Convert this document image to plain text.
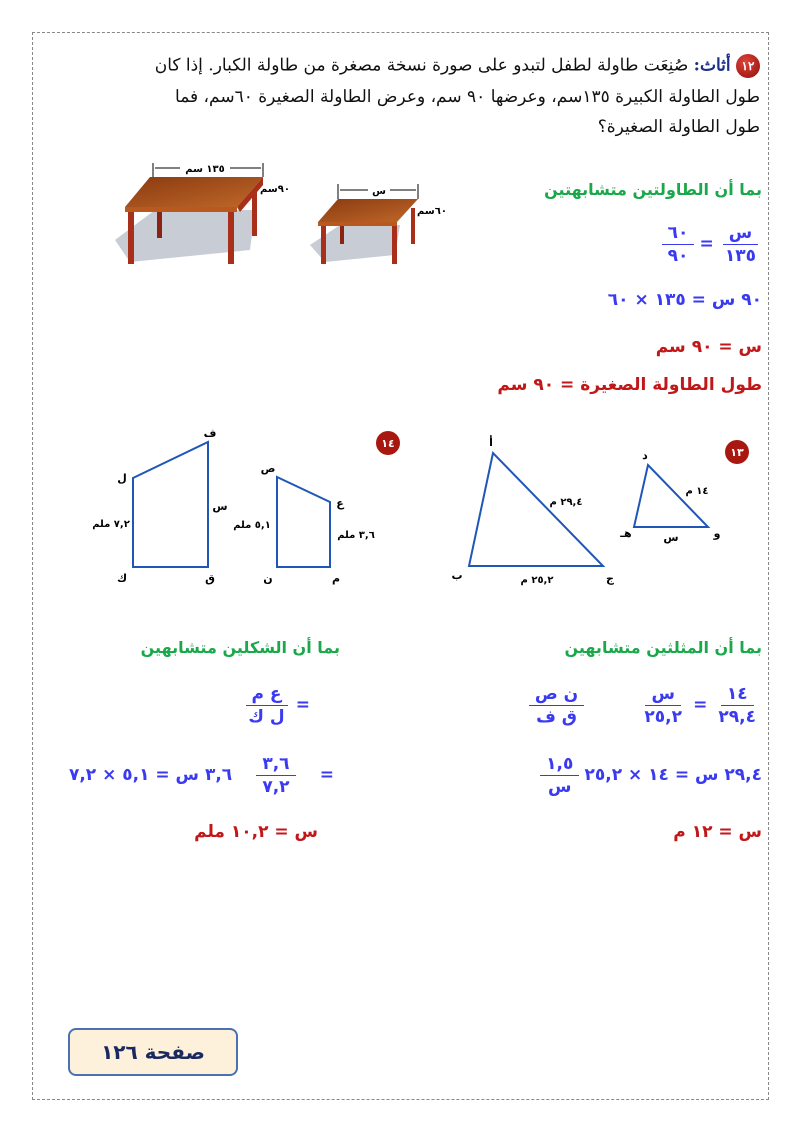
١٢ أثاث: صُنِعَت طاولة لطفل لتبدو على صورة نسخة مصغرة من طاولة الكبار. إذا كان
طول الطاولة الكبيرة ١٣٥سم، وعرضها ٩٠ سم، وعرض الطاولة الصغيرة ٦٠سم، فما
طول الطاولة الصغيرة؟
١٣٥ سم
٩٠سم	س
٦٠سم
١٤
ل
ف
ق
ك
٧,٢ ملم
س
ص
ع
م
ن
٥,١ ملم
٣,٦ ملم
١٣
أ
ب	ج
٢٩,٤ م
٢٥,٢ م
د
هـ	و
١٤ م
س
بما أن الطاولتين متشابهتين
$\frac{\text{س}}{١٣٥}$
=
$\frac{٦٠}{٩٠}$
٩٠ س = ١٣٥ × ٦٠
س = ٩٠ سم
طول الطاولة الصغيرة = ٩٠ سم
بما أن المثلثين متشابهين
$\frac{١٤}{٢٩,٤}$
=
$\frac{\text{س}}{٢٥,٢}$

$\frac{\text{ن ص}}{\text{ق ف}}$
٢٩,٤ س = ١٤ × ٢٥,٢
$\frac{١,٥}{\text{س}}$
س = ١٢ م
بما أن الشكلين متشابهين
=
$\frac{\text{ع م}}{\text{ل ك}}$
=
$\frac{٣,٦}{٧,٢}$
٣,٦ س = ٥,١ × ٧,٢
س = ١٠,٢ ملم
صفحة ١٢٦
